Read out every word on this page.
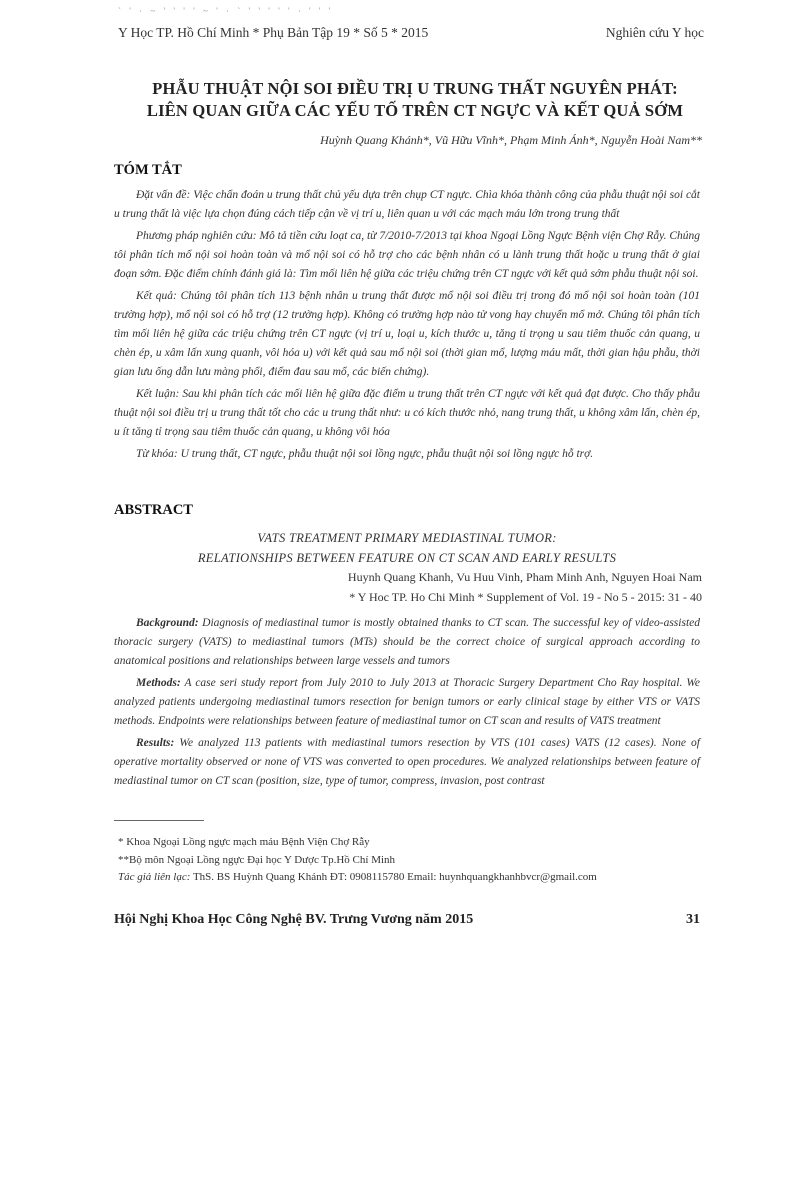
` ' · ~ ' ' ' ' ~ ' · ` ' ' ' ' ' · ' ' '
Y Học TP. Hồ Chí Minh * Phụ Bản Tập 19 * Số 5 * 2015	Nghiên cứu Y học
PHẪU THUẬT NỘI SOI ĐIỀU TRỊ U TRUNG THẤT NGUYÊN PHÁT:
LIÊN QUAN GIỮA CÁC YẾU TỐ TRÊN CT NGỰC VÀ KẾT QUẢ SỚM
Huỳnh Quang Khánh*, Vũ Hữu Vĩnh*, Phạm Minh Ánh*, Nguyễn Hoài Nam**
TÓM TẮT

Đặt vấn đề: Việc chẩn đoán u trung thất chủ yếu dựa trên chụp CT ngực. Chìa khóa thành công của phẫu thuật nội soi cắt u trung thất là việc lựa chọn đúng cách tiếp cận về vị trí u, liên quan u với các mạch máu lớn trong trung thất

Phương pháp nghiên cứu: Mô tả tiền cứu loạt ca, từ 7/2010-7/2013 tại khoa Ngoại Lồng Ngực Bệnh viện Chợ Rẫy. Chúng tôi phân tích mổ nội soi hoàn toàn và mổ nội soi có hỗ trợ cho các bệnh nhân có u lành trung thất hoặc u trung thất ở giai đoạn sớm. Đặc điểm chính đánh giá là: Tìm mối liên hệ giữa các triệu chứng trên CT ngực với kết quả sớm phẫu thuật nội soi.

Kết quả: Chúng tôi phân tích 113 bệnh nhân u trung thất được mổ nội soi điều trị trong đó mổ nội soi hoàn toàn (101 trường hợp), mổ nội soi có hỗ trợ (12 trường hợp). Không có trường hợp nào tử vong hay chuyển mổ mở. Chúng tôi phân tích tìm mối liên hệ giữa các triệu chứng trên CT ngực (vị trí u, loại u, kích thước u, tăng tỉ trọng u sau tiêm thuốc cản quang, u chèn ép, u xâm lấn xung quanh, vôi hóa u) với kết quả sau mổ nội soi (thời gian mổ, lượng máu mất, thời gian hậu phẫu, thời gian lưu ống dẫn lưu màng phổi, điểm đau sau mổ, các biến chứng).

Kết luận: Sau khi phân tích các mối liên hệ giữa đặc điểm u trung thất trên CT ngực với kết quả đạt được. Cho thấy phẫu thuật nội soi điều trị u trung thất tốt cho các u trung thất như: u có kích thước nhỏ, nang trung thất, u không xâm lấn, chèn ép, u ít tăng tỉ trọng sau tiêm thuốc cản quang, u không vôi hóa

Từ khóa: U trung thất, CT ngực, phẫu thuật nội soi lồng ngực, phẫu thuật nội soi lồng ngực hỗ trợ.

ABSTRACT
VATS TREATMENT PRIMARY MEDIASTINAL TUMOR:
RELATIONSHIPS BETWEEN FEATURE ON CT SCAN AND EARLY RESULTS
Huynh Quang Khanh, Vu Huu Vinh, Pham Minh Anh, Nguyen Hoai Nam
* Y Hoc TP. Ho Chi Minh * Supplement of Vol. 19 - No 5 - 2015: 31 - 40

Background: Diagnosis of mediastinal tumor is mostly obtained thanks to CT scan. The successful key of video-assisted thoracic surgery (VATS) to mediastinal tumors (MTs) should be the correct choice of surgical approach according to anatomical positions and relationships between large vessels and tumors

Methods: A case seri study report from July 2010 to July 2013 at Thoracic Surgery Department Cho Ray hospital. We analyzed patients undergoing mediastinal tumors resection for benign tumors or early clinical stage by either VTS or VATS methods. Endpoints were relationships between feature of mediastinal tumor on CT scan and results of VATS treatment

Results: We analyzed 113 patients with mediastinal tumors resection by VTS (101 cases) VATS (12 cases). None of operative mortality observed or none of VTS was converted to open procedures. We analyzed relationships between feature of mediastinal tumor on CT scan (position, size, type of tumor, compress, invasion, post contrast

* Khoa Ngoại Lồng ngực mạch máu Bệnh Viện Chợ Rẫy
**Bộ môn Ngoại Lồng ngực Đại học Y Dược Tp.Hồ Chí Minh
Tác giả liên lạc: ThS. BS Huỳnh Quang Khánh ĐT: 0908115780 Email: huynhquangkhanhbvcr@gmail.com
Hội Nghị Khoa Học Công Nghệ BV. Trưng Vương năm 2015	31
